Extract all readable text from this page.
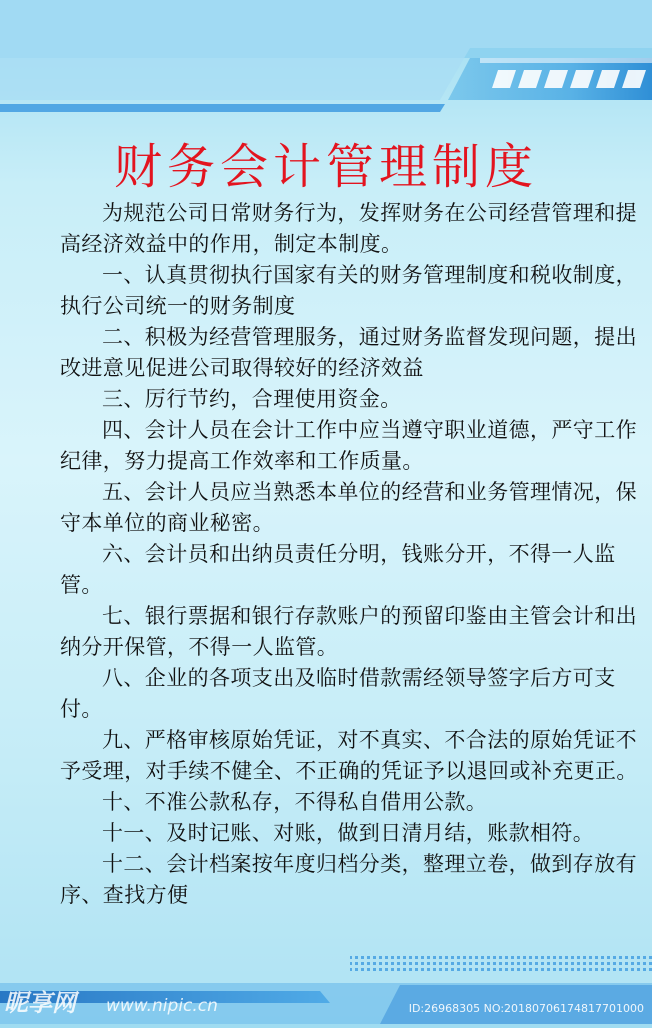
财务会计管理制度

为规范公司日常财务行为，发挥财务在公司经营管理和提高经济效益中的作用，制定本制度。

一、认真贯彻执行国家有关的财务管理制度和税收制度，执行公司统一的财务制度

二、积极为经营管理服务，通过财务监督发现问题，提出改进意见促进公司取得较好的经济效益

三、厉行节约，合理使用资金。

四、会计人员在会计工作中应当遵守职业道德，严守工作纪律，努力提高工作效率和工作质量。

五、会计人员应当熟悉本单位的经营和业务管理情况，保守本单位的商业秘密。

六、会计员和出纳员责任分明，钱账分开，不得一人监管。

七、银行票据和银行存款账户的预留印鉴由主管会计和出纳分开保管，不得一人监管。

八、企业的各项支出及临时借款需经领导签字后方可支付。

九、严格审核原始凭证，对不真实、不合法的原始凭证不予受理，对手续不健全、不正确的凭证予以退回或补充更正。

十、不准公款私存，不得私自借用公款。

十一、及时记账、对账，做到日清月结，账款相符。

十二、会计档案按年度归档分类，整理立卷，做到存放有序、查找方便

昵享网 www.nipic.cn	ID:26968305 NO:20180706174817701000
